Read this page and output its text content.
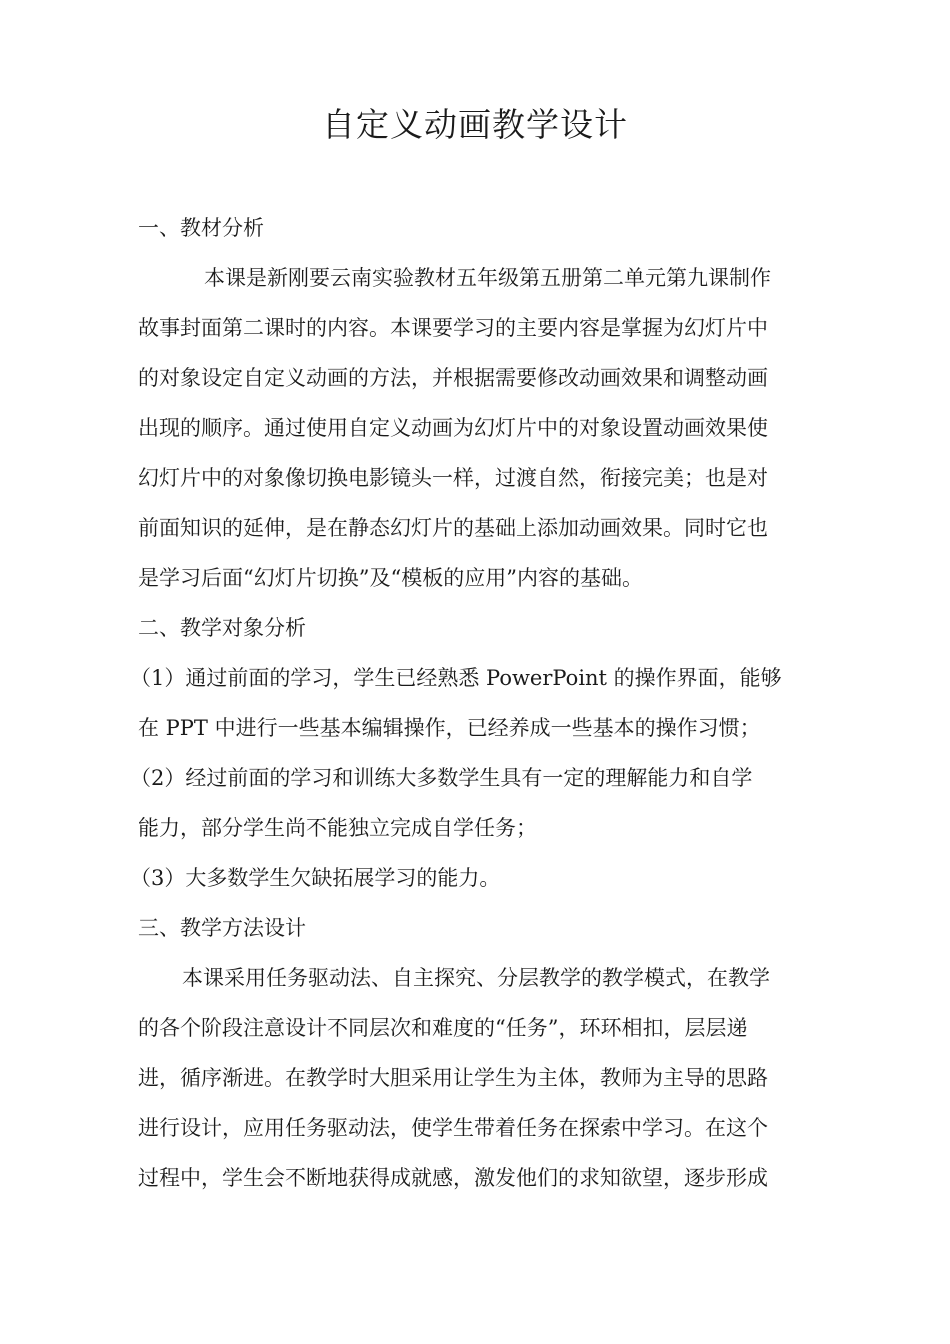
自定义动画教学设计
一、教材分析
本课是新刚要云南实验教材五年级第五册第二单元第九课制作
故事封面第二课时的内容。本课要学习的主要内容是掌握为幻灯片中
的对象设定自定义动画的方法，并根据需要修改动画效果和调整动画
出现的顺序。通过使用自定义动画为幻灯片中的对象设置动画效果使
幻灯片中的对象像切换电影镜头一样，过渡自然，衔接完美；也是对
前面知识的延伸，是在静态幻灯片的基础上添加动画效果。同时它也
是学习后面“幻灯片切换”及“模板的应用”内容的基础。
二、教学对象分析
（1）通过前面的学习，学生已经熟悉 PowerPoint 的操作界面，能够
在 PPT 中进行一些基本编辑操作，已经养成一些基本的操作习惯；
（2）经过前面的学习和训练大多数学生具有一定的理解能力和自学
能力，部分学生尚不能独立完成自学任务；
（3）大多数学生欠缺拓展学习的能力。
三、教学方法设计
本课采用任务驱动法、自主探究、分层教学的教学模式，在教学
的各个阶段注意设计不同层次和难度的“任务”，环环相扣，层层递
进，循序渐进。在教学时大胆采用让学生为主体，教师为主导的思路
进行设计，应用任务驱动法，使学生带着任务在探索中学习。在这个
过程中，学生会不断地获得成就感，激发他们的求知欲望，逐步形成
